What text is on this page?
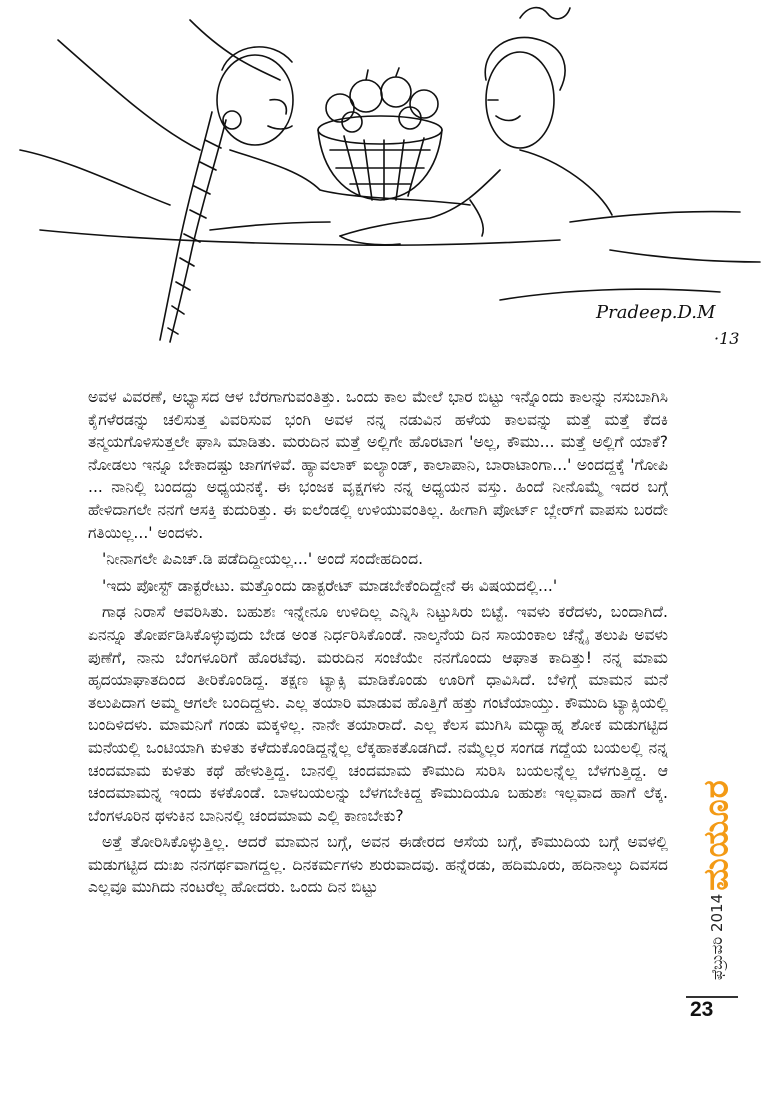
Pradeep.D.M
·13

ಅವಳ ವಿವರಣೆ, ಅಭ್ಯಾಸದ ಆಳ ಬೆರಗಾಗುವಂತಿತ್ತು. ಒಂದು ಕಾಲ ಮೇಲೆ ಭಾರ ಬಿಟ್ಟು ಇನ್ನೊಂದು ಕಾಲನ್ನು ನಸುಬಾಗಿಸಿ ಕೈಗಳೆರಡನ್ನು ಚಲಿಸುತ್ತ ವಿವರಿಸುವ ಭಂಗಿ ಅವಳ ನನ್ನ ನಡುವಿನ ಹಳೆಯ ಕಾಲವನ್ನು ಮತ್ತೆ ಮತ್ತೆ ಕೆದಕಿ ತನ್ಮಯಗೊಳಿಸುತ್ತಲೇ ಘಾಸಿ ಮಾಡಿತು. ಮರುದಿನ ಮತ್ತೆ ಅಲ್ಲಿಗೇ ಹೊರಟಾಗ 'ಅಲ್ಲ, ಕೌಮು... ಮತ್ತೆ ಅಲ್ಲಿಗೆ ಯಾಕೆ? ನೋಡಲು ಇನ್ನೂ ಬೇಕಾದಷ್ಟು ಜಾಗಗಳಿವೆ. ಹ್ಯಾವಲಾಕ್ ಐಲ್ಯಾಂಡ್, ಕಾಲಾಪಾನಿ, ಬಾರಾಟಾಂಗಾ...' ಅಂದದ್ದಕ್ಕೆ 'ಗೋಪಿ ... ನಾನಿಲ್ಲಿ ಬಂದದ್ದು ಅಧ್ಯಯನಕ್ಕೆ. ಈ ಭಂಜಕ ವೃಕ್ಷಗಳು ನನ್ನ ಅಧ್ಯಯನ ವಸ್ತು. ಹಿಂದೆ ನೀನೊಮ್ಮೆ ಇದರ ಬಗ್ಗೆ ಹೇಳಿದಾಗಲೇ ನನಗೆ ಆಸಕ್ತಿ ಕುದುರಿತ್ತು. ಈ ಐಲೆಂಡಲ್ಲಿ ಉಳಿಯುವಂತಿಲ್ಲ. ಹೀಗಾಗಿ ಪೋರ್ಟ್ ಬ್ಲೇರ್‌ಗೆ ವಾಪಸು ಬರದೇ ಗತಿಯಿಲ್ಲ...' ಅಂದಳು.

'ನೀನಾಗಲೇ ಪಿಎಚ್.ಡಿ ಪಡೆದಿದ್ದೀಯಲ್ಲ...' ಅಂದೆ ಸಂದೇಹದಿಂದ.

'ಇದು ಪೋಸ್ಟ್ ಡಾಕ್ಟರೇಟು. ಮತ್ತೊಂದು ಡಾಕ್ಟರೇಟ್ ಮಾಡಬೇಕೆಂದಿದ್ದೇನೆ ಈ ವಿಷಯದಲ್ಲಿ...'

ಗಾಢ ನಿರಾಸೆ ಆವರಿಸಿತು. ಬಹುಶಃ ಇನ್ನೇನೂ ಉಳಿದಿಲ್ಲ ಎನ್ನಿಸಿ ನಿಟ್ಟುಸಿರು ಬಿಟ್ಟೆ. ಇವಳು ಕರೆದಳು, ಬಂದಾಗಿದೆ. ಏನನ್ನೂ ತೋರ್ಪಡಿಸಿಕೊಳ್ಳುವುದು ಬೇಡ ಅಂತ ನಿರ್ಧರಿಸಿಕೊಂಡೆ. ನಾಲ್ಕನೆಯ ದಿನ ಸಾಯಂಕಾಲ ಚೆನ್ನೈ ತಲುಪಿ ಅವಳು ಪುಣೆಗೆ, ನಾನು ಬೆಂಗಳೂರಿಗೆ ಹೊರಟೆವು. ಮರುದಿನ ಸಂಜೆಯೇ ನನಗೊಂದು ಆಘಾತ ಕಾದಿತ್ತು! ನನ್ನ ಮಾಮ ಹೃದಯಾಘಾತದಿಂದ ತೀರಿಕೊಂಡಿದ್ದ. ತಕ್ಷಣ ಟ್ಯಾಕ್ಸಿ ಮಾಡಿಕೊಂಡು ಊರಿಗೆ ಧಾವಿಸಿದೆ. ಬೆಳಿಗ್ಗೆ ಮಾಮನ ಮನೆ ತಲುಪಿದಾಗ ಅಮ್ಮ ಆಗಲೇ ಬಂದಿದ್ದಳು. ಎಲ್ಲ ತಯಾರಿ ಮಾಡುವ ಹೊತ್ತಿಗೆ ಹತ್ತು ಗಂಟೆಯಾಯ್ತು. ಕೌಮುದಿ ಟ್ಯಾಕ್ಸಿಯಲ್ಲಿ ಬಂದಿಳಿದಳು. ಮಾಮನಿಗೆ ಗಂಡು ಮಕ್ಕಳಿಲ್ಲ. ನಾನೇ ತಯಾರಾದೆ. ಎಲ್ಲ ಕೆಲಸ ಮುಗಿಸಿ ಮಧ್ಯಾಹ್ನ ಶೋಕ ಮಡುಗಟ್ಟಿದ ಮನೆಯಲ್ಲಿ ಒಂಟಿಯಾಗಿ ಕುಳಿತು ಕಳೆದುಕೊಂಡಿದ್ದನ್ನೆಲ್ಲ ಲೆಕ್ಕಹಾಕತೊಡಗಿದೆ. ನಮ್ಮೆಲ್ಲರ ಸಂಗಡ ಗದ್ದೆಯ ಬಯಲಲ್ಲಿ ನನ್ನ ಚಂದಮಾಮ ಕುಳಿತು ಕಥೆ ಹೇಳುತ್ತಿದ್ದ. ಬಾನಲ್ಲಿ ಚಂದಮಾಮ ಕೌಮುದಿ ಸುರಿಸಿ ಬಯಲನ್ನೆಲ್ಲ ಬೆಳಗುತ್ತಿದ್ದ. ಆ ಚಂದಮಾಮನ್ನ ಇಂದು ಕಳಕೊಂಡೆ. ಬಾಳಬಯಲನ್ನು ಬೆಳಗಬೇಕಿದ್ದ ಕೌಮುದಿಯೂ ಬಹುಶಃ ಇಲ್ಲವಾದ ಹಾಗೆ ಲೆಕ್ಕ. ಬೆಂಗಳೂರಿನ ಥಳುಕಿನ ಬಾನಿನಲ್ಲಿ ಚಂದಮಾಮ ಎಲ್ಲಿ ಕಾಣಬೇಕು?

ಅತ್ತೆ ತೋರಿಸಿಕೊಳ್ಳುತ್ತಿಲ್ಲ. ಆದರೆ ಮಾಮನ ಬಗ್ಗೆ, ಅವನ ಈಡೇರದ ಆಸೆಯ ಬಗ್ಗೆ, ಕೌಮುದಿಯ ಬಗ್ಗೆ ಅವಳಲ್ಲಿ ಮಡುಗಟ್ಟಿದ ದುಃಖ ನನಗರ್ಥವಾಗದ್ದಲ್ಲ. ದಿನಕರ್ಮಗಳು ಶುರುವಾದವು. ಹನ್ನೆರಡು, ಹದಿಮೂರು, ಹದಿನಾಲ್ಕು ದಿವಸದ ಎಲ್ಲವೂ ಮುಗಿದು ನಂಟರೆಲ್ಲ ಹೋದರು. ಒಂದು ದಿನ ಬಿಟ್ಟು	ಮಯೂರ
ಫೆಬ್ರುವರಿ 2014
23
